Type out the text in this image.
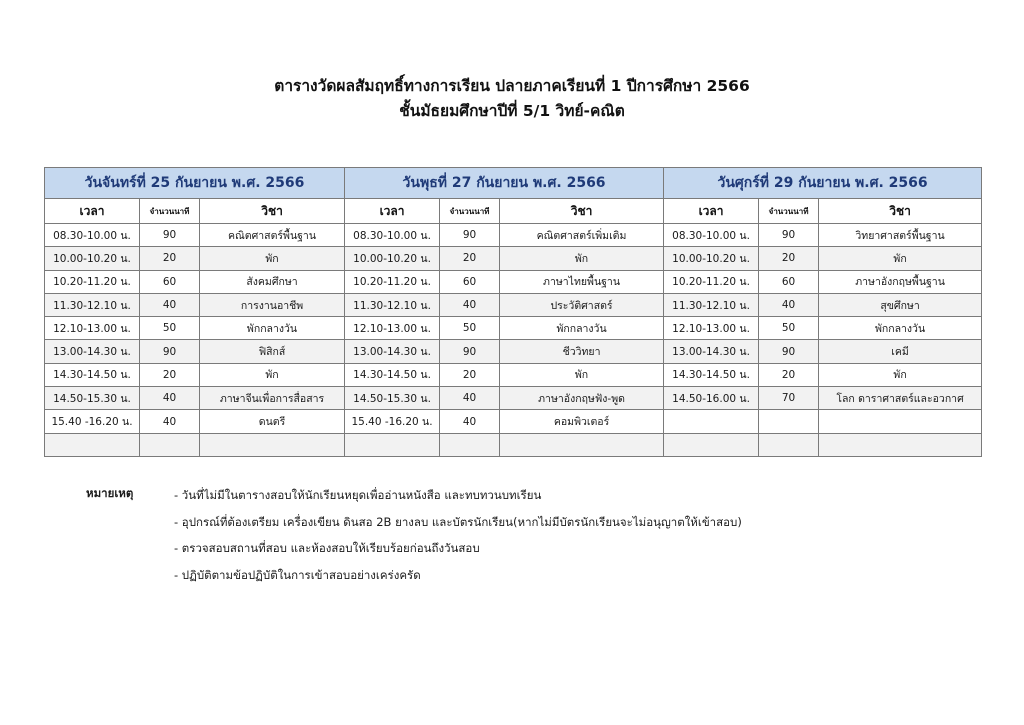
ตารางวัดผลสัมฤทธิ์ทางการเรียน ปลายภาคเรียนที่ 1 ปีการศึกษา 2566
ชั้นมัธยมศึกษาปีที่ 5/1 วิทย์-คณิต
วันจันทร์ที่ 25 กันยายน พ.ศ. 2566			วันพุธที่ 27 กันยายน พ.ศ. 2566			วันศุกร์ที่ 29 กันยายน พ.ศ. 2566		
เวลา	จำนวนนาที	วิชา	เวลา	จำนวนนาที	วิชา	เวลา	จำนวนนาที	วิชา
08.30-10.00 น.	90	คณิตศาสตร์พื้นฐาน	08.30-10.00 น.	90	คณิตศาสตร์เพิ่มเติม	08.30-10.00 น.	90	วิทยาศาสตร์พื้นฐาน
10.00-10.20 น.	20	พัก	10.00-10.20 น.	20	พัก	10.00-10.20 น.	20	พัก
10.20-11.20 น.	60	สังคมศึกษา	10.20-11.20 น.	60	ภาษาไทยพื้นฐาน	10.20-11.20 น.	60	ภาษาอังกฤษพื้นฐาน
11.30-12.10 น.	40	การงานอาชีพ	11.30-12.10 น.	40	ประวัติศาสตร์	11.30-12.10 น.	40	สุขศึกษา
12.10-13.00 น.	50	พักกลางวัน	12.10-13.00 น.	50	พักกลางวัน	12.10-13.00 น.	50	พักกลางวัน
13.00-14.30 น.	90	ฟิสิกส์	13.00-14.30 น.	90	ชีววิทยา	13.00-14.30 น.	90	เคมี
14.30-14.50 น.	20	พัก	14.30-14.50 น.	20	พัก	14.30-14.50 น.	20	พัก
14.50-15.30 น.	40	ภาษาจีนเพื่อการสื่อสาร	14.50-15.30 น.	40	ภาษาอังกฤษฟัง-พูด	14.50-16.00 น.	70	โลก ดาราศาสตร์และอวกาศ
15.40 -16.20 น.	40	ดนตรี	15.40 -16.20 น.	40	คอมพิวเตอร์			

หมายเหตุ	- วันที่ไม่มีในตารางสอบให้นักเรียนหยุดเพื่ออ่านหนังสือ และทบทวนบทเรียน
- อุปกรณ์ที่ต้องเตรียม เครื่องเขียน ดินสอ 2B ยางลบ และบัตรนักเรียน(หากไม่มีบัตรนักเรียนจะไม่อนุญาตให้เข้าสอบ)
- ตรวจสอบสถานที่สอบ และห้องสอบให้เรียบร้อยก่อนถึงวันสอบ
- ปฏิบัติตามข้อปฏิบัติในการเข้าสอบอย่างเคร่งครัด
